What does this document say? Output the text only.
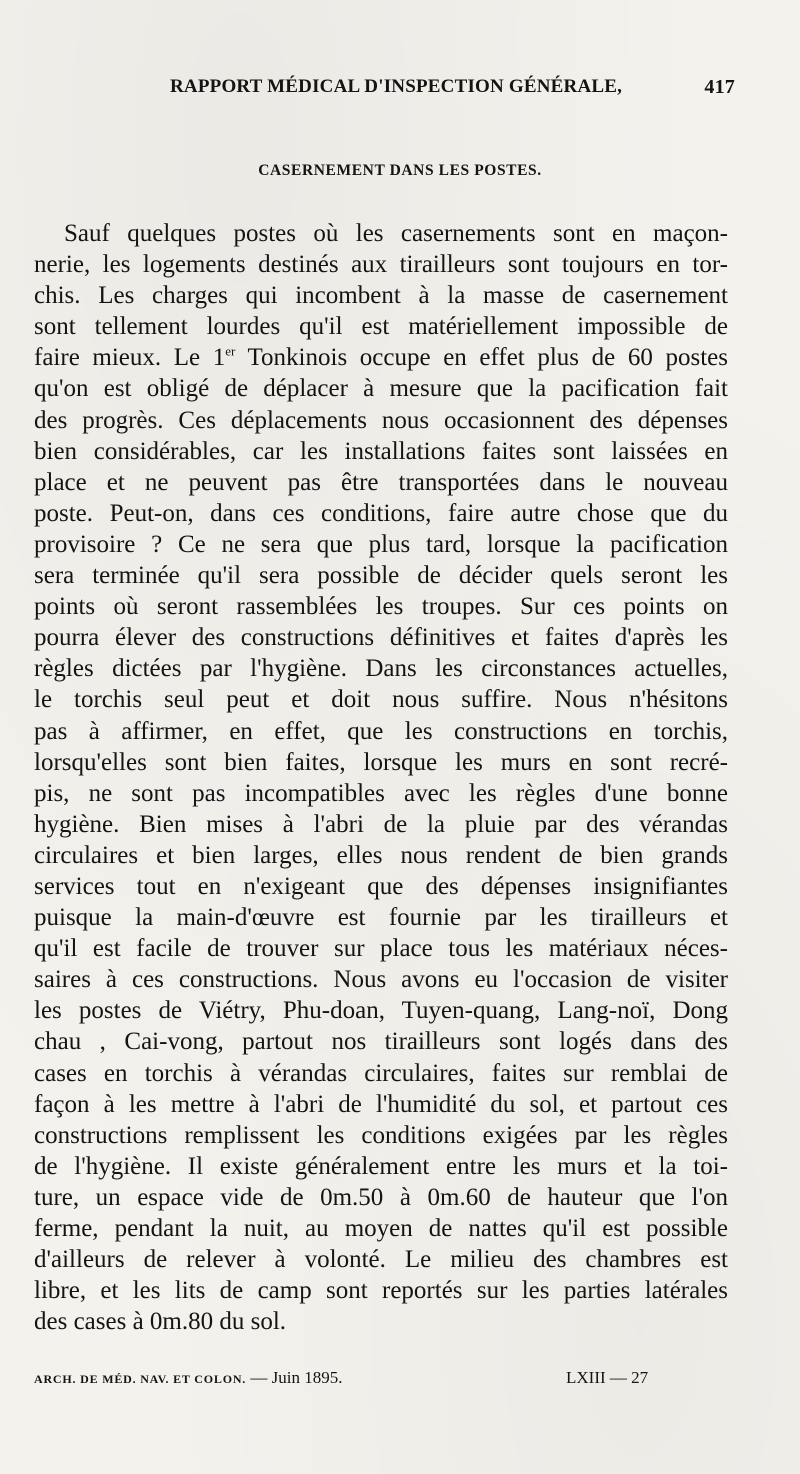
RAPPORT MÉDICAL D'INSPECTION GÉNÉRALE,	417
CASERNEMENT DANS LES POSTES.
Sauf quelques postes où les casernements sont en maçon-
nerie, les logements destinés aux tirailleurs sont toujours en tor-
chis. Les charges qui incombent à la masse de casernement
sont tellement lourdes qu'il est matériellement impossible de
faire mieux. Le 1er Tonkinois occupe en effet plus de 60 postes
qu'on est obligé de déplacer à mesure que la pacification fait
des progrès. Ces déplacements nous occasionnent des dépenses
bien considérables, car les installations faites sont laissées en
place et ne peuvent pas être transportées dans le nouveau
poste. Peut-on, dans ces conditions, faire autre chose que du
provisoire ? Ce ne sera que plus tard, lorsque la pacification
sera terminée qu'il sera possible de décider quels seront les
points où seront rassemblées les troupes. Sur ces points on
pourra élever des constructions définitives et faites d'après les
règles dictées par l'hygiène. Dans les circonstances actuelles,
le torchis seul peut et doit nous suffire. Nous n'hésitons
pas à affirmer, en effet, que les constructions en torchis,
lorsqu'elles sont bien faites, lorsque les murs en sont recré-
pis, ne sont pas incompatibles avec les règles d'une bonne
hygiène. Bien mises à l'abri de la pluie par des vérandas
circulaires et bien larges, elles nous rendent de bien grands
services tout en n'exigeant que des dépenses insignifiantes
puisque la main-d'œuvre est fournie par les tirailleurs et
qu'il est facile de trouver sur place tous les matériaux néces-
saires à ces constructions. Nous avons eu l'occasion de visiter
les postes de Viétry, Phu-doan, Tuyen-quang, Lang-noï, Dong
chau , Cai-vong, partout nos tirailleurs sont logés dans des
cases en torchis à vérandas circulaires, faites sur remblai de
façon à les mettre à l'abri de l'humidité du sol, et partout ces
constructions remplissent les conditions exigées par les règles
de l'hygiène. Il existe généralement entre les murs et la toi-
ture, un espace vide de 0m.50 à 0m.60 de hauteur que l'on
ferme, pendant la nuit, au moyen de nattes qu'il est possible
d'ailleurs de relever à volonté. Le milieu des chambres est
libre, et les lits de camp sont reportés sur les parties latérales
des cases à 0m.80 du sol.
ARCH. DE MÉD. NAV. ET COLON. — Juin 1895.	LXIII — 27
